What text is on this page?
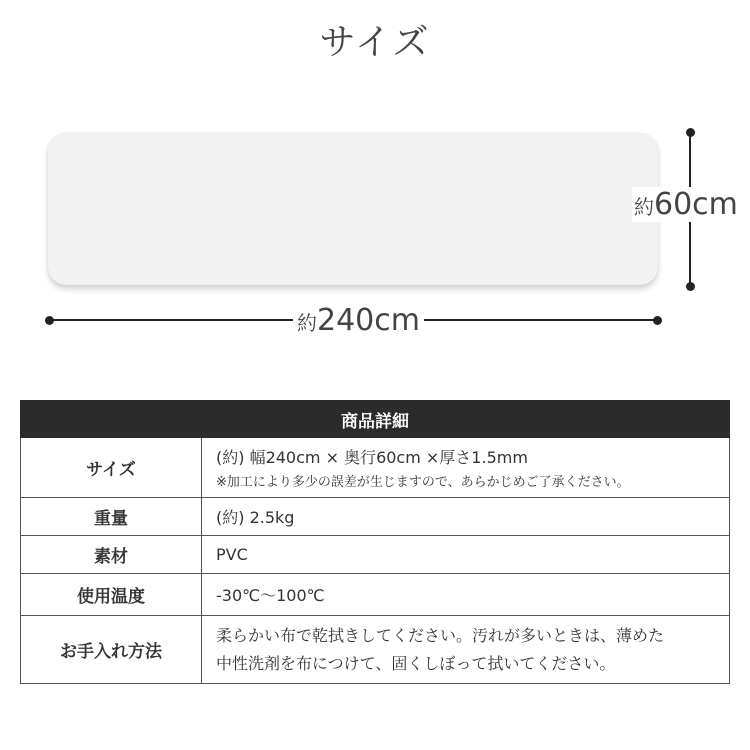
サイズ
約60cm
約240cm
商品詳細	
サイズ	(約) 幅240cm × 奥行60cm ×厚さ1.5mm
※加工により多少の誤差が生じますので、あらかじめご了承ください。

重量	(約) 2.5kg
素材	PVC
使用温度	-30℃〜100℃
お手入れ方法	柔らかい布で乾拭きしてください。汚れが多いときは、薄めた
中性洗剤を布につけて、固くしぼって拭いてください。
